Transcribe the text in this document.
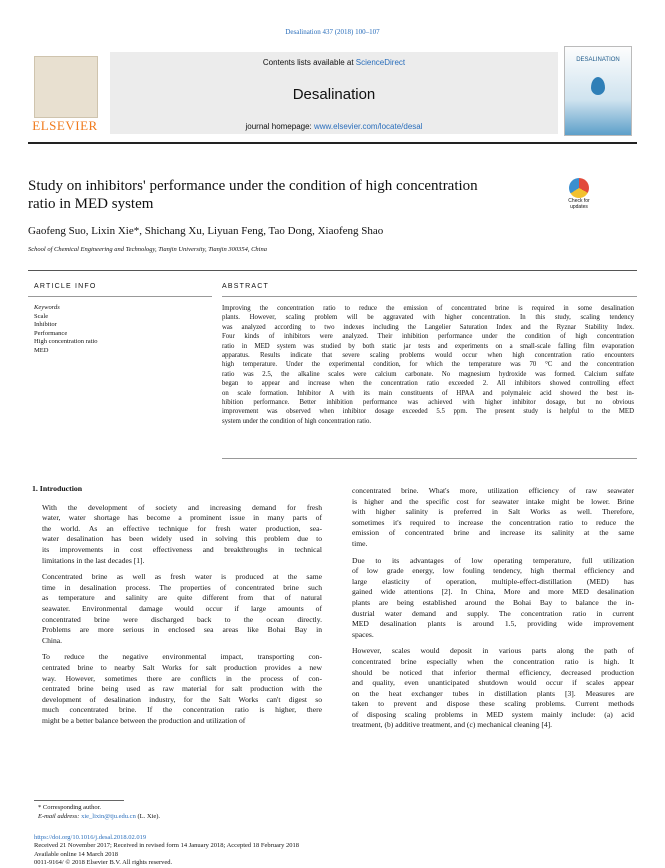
Desalination 437 (2018) 100–107
ELSEVIER
Contents lists available at ScienceDirect
Desalination
journal homepage: www.elsevier.com/locate/desal
DESALINATION
Study on inhibitors' performance under the condition of high concentration
ratio in MED system	Check for
updates
Gaofeng Suo, Lixin Xie*, Shichang Xu, Liyuan Feng, Tao Dong, Xiaofeng Shao
School of Chemical Engineering and Technology, Tianjin University, Tianjin 300354, China
ARTICLE INFO	ABSTRACT
Keywords
Scale
Inhibitor
Performance
High concentration ratio
MED
Improving the concentration ratio to reduce the emission of concentrated brine is required in some desalination
plants. However, scaling problem will be aggravated with higher concentration. In this study, scaling tendency
was analyzed according to two indexes including the Langelier Saturation Index and the Ryznar Stability Index.
Four kinds of inhibitors were analyzed. Their inhibition performance under the condition of high concentration
ratio in MED system was studied by both static jar tests and experiments on a small-scale falling film evaporation
apparatus. Results indicate that severe scaling problems would occur when high concentration ratio encounters
high temperature. Under the experimental condition, for which the temperature was 70 °C and the concentration
ratio was 2.5, the alkaline scales were calcium carbonate. No magnesium hydroxide was formed. Calcium sulfate
began to appear and increase when the concentration ratio exceeded 2. All inhibitors showed controlling effect
on scale formation. Inhibitor A with its main constituents of HPAA and polymaleic acid showed the best in-
hibition performance. Better inhibition performance was achieved with higher inhibitor dosage, but no obvious
improvement was observed when inhibitor dosage exceeded 5.5 ppm. The present study is helpful to the MED
system under the condition of high concentration ratio.
1. Introduction

With the development of society and increasing demand for fresh
water, water shortage has become a prominent issue in many parts of
the world. As an effective technique for fresh water production, sea-
water desalination has been widely used in solving this problem due to
its improvements in cost effectiveness and breakthroughs in technical
limitations in the last decades [1].

Concentrated brine as well as fresh water is produced at the same
time in desalination process. The properties of concentrated brine such
as temperature and salinity are quite different from that of natural
seawater. Environmental damage would occur if large amounts of
concentrated brine were discharged back to the ocean directly.
Problems are more serious in enclosed sea areas like Bohai Bay in
China.

To reduce the negative environmental impact, transporting con-
centrated brine to nearby Salt Works for salt production provides a new
way. However, sometimes there are conflicts in the process of con-
centrated brine being used as raw material for salt production with the
development of desalination industry, for the Salt Works can't digest so
much concentrated brine. If the concentration ratio is higher, there
might be a better balance between the production and utilization of

concentrated brine. What's more, utilization efficiency of raw seawater
is higher and the specific cost for seawater intake might be lower. Brine
with higher salinity is preferred in Salt Works as well. Therefore,
sometimes it's required to increase the concentration ratio to reduce the
emission of concentrated brine and increase its salinity at the same
time.

Due to its advantages of low operating temperature, full utilization
of low grade energy, low fouling tendency, high thermal efficiency and
large elasticity of operation, multiple-effect-distillation (MED) has
gained wide attentions [2]. In China, More and more MED desalination
plants are being established around the Bohai Bay to balance the in-
dustrial water demand and supply. The concentration ratio in current
MED desalination plants is around 1.5, providing wide improvement
spaces.

However, scales would deposit in various parts along the path of
concentrated brine especially when the concentration ratio is high. It
should be noticed that inferior thermal efficiency, decreased production
and quality, even unanticipated shutdown would occur if scales appear
on the heat exchanger tubes in distillation plants [3]. Measures are
taken to prevent and dispose these scaling problems. Current methods
of disposing scaling problems in MED system mainly include: (a) acid
treatment, (b) additive treatment, and (c) mechanical cleaning [4].

* Corresponding author.
E-mail address: xie_lixin@tju.edu.cn (L. Xie).
https://doi.org/10.1016/j.desal.2018.02.019
Received 21 November 2017; Received in revised form 14 January 2018; Accepted 18 February 2018
Available online 14 March 2018
0011-9164/ © 2018 Elsevier B.V. All rights reserved.
